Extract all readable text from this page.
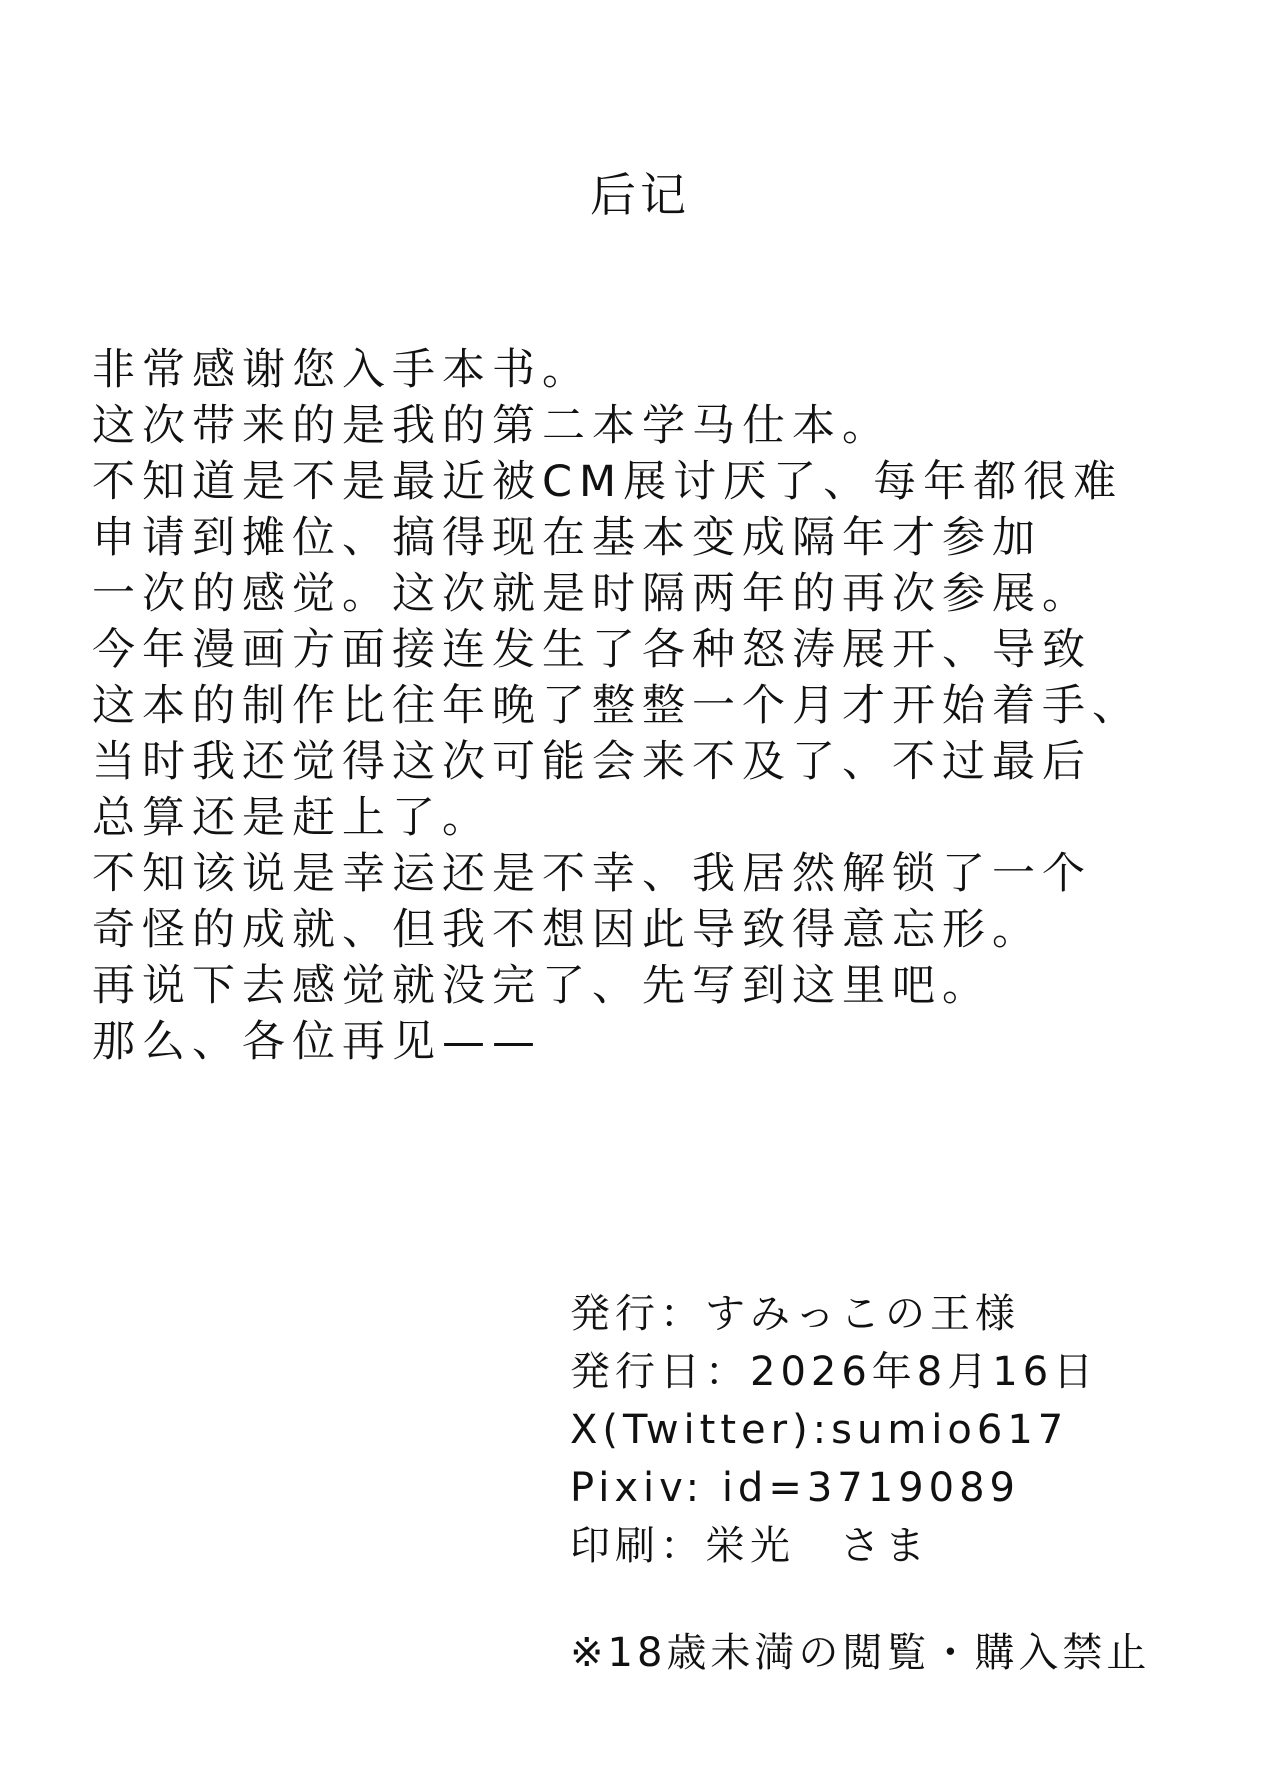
后记
非常感谢您入手本书。
这次带来的是我的第二本学马仕本。
不知道是不是最近被CM展讨厌了、每年都很难
申请到摊位、搞得现在基本变成隔年才参加
一次的感觉。这次就是时隔两年的再次参展。
今年漫画方面接连发生了各种怒涛展开、导致
这本的制作比往年晚了整整一个月才开始着手、
当时我还觉得这次可能会来不及了、不过最后
总算还是赶上了。
不知该说是幸运还是不幸、我居然解锁了一个
奇怪的成就、但我不想因此导致得意忘形。
再说下去感觉就没完了、先写到这里吧。
那么、各位再见——
発行：すみっこの王様
発行日：2026年8月16日
X(Twitter):sumio617
Pixiv: id=3719089
印刷：栄光　さま
※18歳未満の閲覧・購入禁止
